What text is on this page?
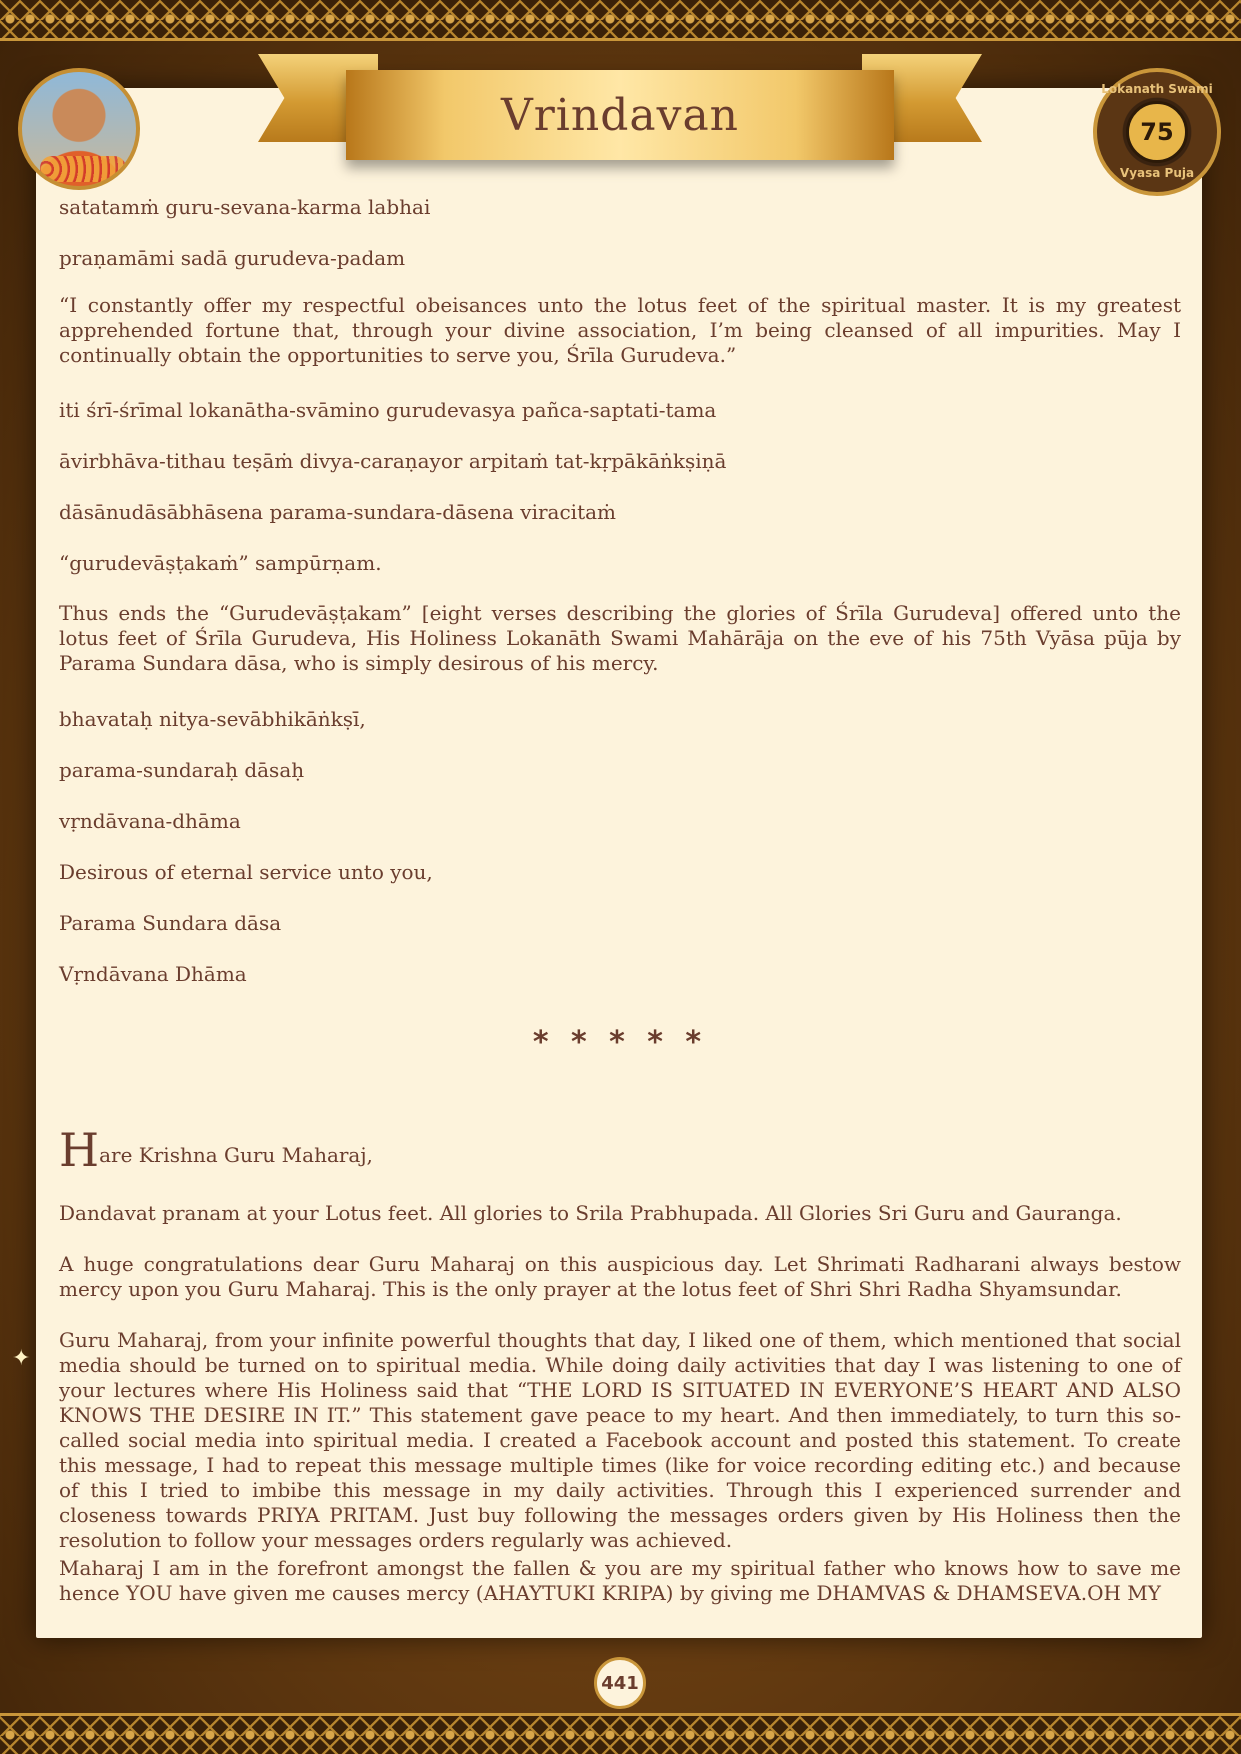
Vrindavan
Lokanath Swami
75
Vyasa Puja
satatamṁ guru-sevana-karma labhai
praṇamāmi sadā gurudeva-padam
“I constantly offer my respectful obeisances unto the lotus feet of the spiritual master. It is my greatest apprehended fortune that, through your divine association, I’m being cleansed of all impurities. May I continually obtain the opportunities to serve you, Śrīla Gurudeva.”
iti śrī-śrīmal lokanātha-svāmino gurudevasya pañca-saptati-tama
āvirbhāva-tithau teṣāṁ divya-caraṇayor arpitaṁ tat-kṛpākāṅkṣiṇā
dāsānudāsābhāsena parama-sundara-dāsena viracitaṁ
“gurudevāṣṭakaṁ” sampūrṇam.
Thus ends the “Gurudevāṣṭakam” [eight verses describing the glories of Śrīla Gurudeva] offered unto the lotus feet of Śrīla Gurudeva, His Holiness Lokanāth Swami Mahārāja on the eve of his 75th Vyāsa pūja by Parama Sundara dāsa, who is simply desirous of his mercy.
bhavataḥ nitya-sevābhikāṅkṣī,
parama-sundaraḥ dāsaḥ
vṛndāvana-dhāma
Desirous of eternal service unto you,
Parama Sundara dāsa
Vṛndāvana Dhāma
* * * * *
Hare Krishna Guru Maharaj,
Dandavat pranam at your Lotus feet. All glories to Srila Prabhupada. All Glories Sri Guru and Gauranga.
A huge congratulations dear Guru Maharaj on this auspicious day. Let Shrimati Radharani always bestow mercy upon you Guru Maharaj. This is the only prayer at the lotus feet of Shri Shri Radha Shyamsundar.
Guru Maharaj, from your infinite powerful thoughts that day, I liked one of them, which mentioned that social media should be turned on to spiritual media. While doing daily activities that day I was listening to one of your lectures where His Holiness said that “THE LORD IS SITUATED IN EVERYONE’S HEART AND ALSO KNOWS THE DESIRE IN IT.” This statement gave peace to my heart. And then immediately, to turn this so-called social media into spiritual media. I created a Facebook account and posted this statement. To create this message, I had to repeat this message multiple times (like for voice recording editing etc.) and because of this I tried to imbibe this message in my daily activities. Through this I experienced surrender and closeness towards PRIYA PRITAM. Just buy following the messages orders given by His Holiness then the resolution to follow your messages orders regularly was achieved.
Maharaj I am in the forefront amongst the fallen & you are my spiritual father who knows how to save me hence YOU have given me causes mercy (AHAYTUKI KRIPA) by giving me DHAMVAS & DHAMSEVA.OH MY
✦
441
